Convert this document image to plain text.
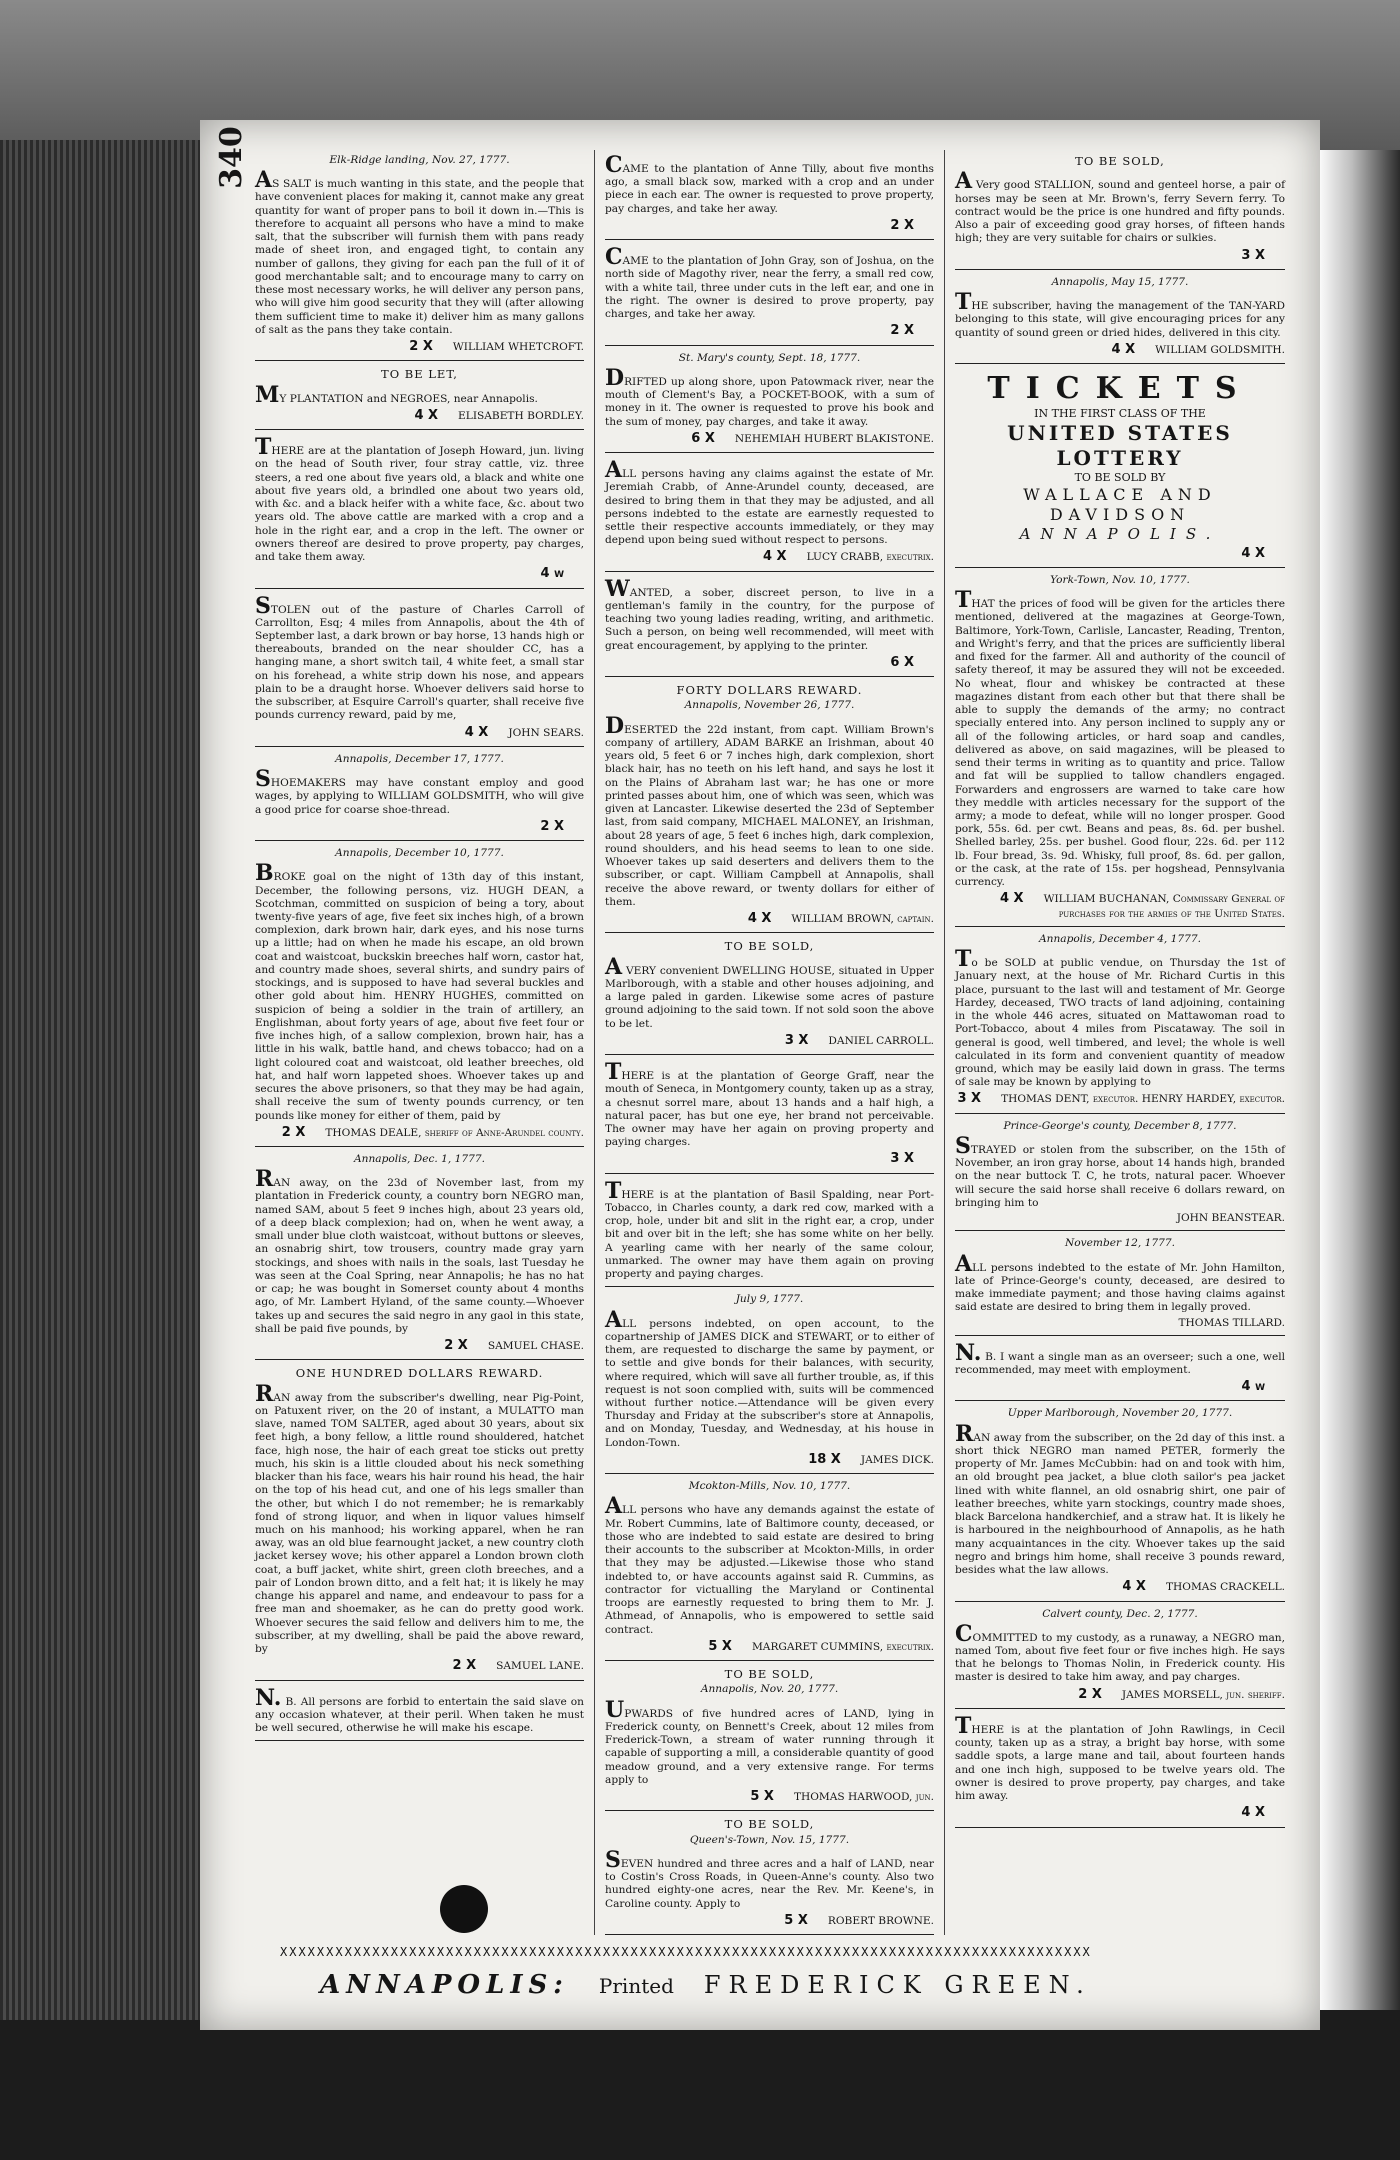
Elk-Ridge landing, Nov. 27, 1777.
AS SALT is much wanting in this state, and the people that have convenient places for making it, cannot make any great quantity for want of proper pans to boil it down in.—This is therefore to acquaint all persons who have a mind to make salt, that the subscriber will furnish them with pans ready made of sheet iron, and engaged tight, to contain any number of gallons, they giving for each pan the full of it of good merchantable salt; and to encourage many to carry on these most necessary works, he will deliver any person pans, who will give him good security that they will (after allowing them sufficient time to make it) deliver him as many gallons of salt as the pans they take contain.
2 X WILLIAM WHETCROFT.
TO BE LET,
MY PLANTATION and NEGROES, near Annapolis.
4 X ELISABETH BORDLEY.
THERE are at the plantation of Joseph Howard, jun. living on the head of South river, four stray cattle, viz. three steers, a red one about five years old, a black and white one about five years old, a brindled one about two years old, with &c. and a black heifer with a white face, &c. about two years old. The above cattle are marked with a crop and a hole in the right ear, and a crop in the left. The owner or owners thereof are desired to prove property, pay charges, and take them away.
4 w
STOLEN out of the pasture of Charles Carroll of Carrollton, Esq; 4 miles from Annapolis, about the 4th of September last, a dark brown or bay horse, 13 hands high or thereabouts, branded on the near shoulder CC, has a hanging mane, a short switch tail, 4 white feet, a small star on his forehead, a white strip down his nose, and appears plain to be a draught horse. Whoever delivers said horse to the subscriber, at Esquire Carroll's quarter, shall receive five pounds currency reward, paid by me,
4 X JOHN SEARS.
Annapolis, December 17, 1777.
SHOEMAKERS may have constant employ and good wages, by applying to WILLIAM GOLDSMITH, who will give a good price for coarse shoe-thread.
2 X
Annapolis, December 10, 1777.
BROKE goal on the night of 13th day of this instant, December, the following persons, viz. HUGH DEAN, a Scotchman, committed on suspicion of being a tory, about twenty-five years of age, five feet six inches high, of a brown complexion, dark brown hair, dark eyes, and his nose turns up a little; had on when he made his escape, an old brown coat and waistcoat, buckskin breeches half worn, castor hat, and country made shoes, several shirts, and sundry pairs of stockings, and is supposed to have had several buckles and other gold about him. HENRY HUGHES, committed on suspicion of being a soldier in the train of artillery, an Englishman, about forty years of age, about five feet four or five inches high, of a sallow complexion, brown hair, has a little in his walk, battle hand, and chews tobacco; had on a light coloured coat and waistcoat, old leather breeches, old hat, and half worn lappeted shoes. Whoever takes up and secures the above prisoners, so that they may be had again, shall receive the sum of twenty pounds currency, or ten pounds like money for either of them, paid by
2 X THOMAS DEALE, sheriff of Anne-Arundel county.
Annapolis, Dec. 1, 1777.
RAN away, on the 23d of November last, from my plantation in Frederick county, a country born NEGRO man, named SAM, about 5 feet 9 inches high, about 23 years old, of a deep black complexion; had on, when he went away, a small under blue cloth waistcoat, without buttons or sleeves, an osnabrig shirt, tow trousers, country made gray yarn stockings, and shoes with nails in the soals, last Tuesday he was seen at the Coal Spring, near Annapolis; he has no hat or cap; he was bought in Somerset county about 4 months ago, of Mr. Lambert Hyland, of the same county.—Whoever takes up and secures the said negro in any gaol in this state, shall be paid five pounds, by
2 X SAMUEL CHASE.
ONE HUNDRED DOLLARS REWARD.
RAN away from the subscriber's dwelling, near Pig-Point, on Patuxent river, on the 20 of instant, a MULATTO man slave, named TOM SALTER, aged about 30 years, about six feet high, a bony fellow, a little round shouldered, hatchet face, high nose, the hair of each great toe sticks out pretty much, his skin is a little clouded about his neck something blacker than his face, wears his hair round his head, the hair on the top of his head cut, and one of his legs smaller than the other, but which I do not remember; he is remarkably fond of strong liquor, and when in liquor values himself much on his manhood; his working apparel, when he ran away, was an old blue fearnought jacket, a new country cloth jacket kersey wove; his other apparel a London brown cloth coat, a buff jacket, white shirt, green cloth breeches, and a pair of London brown ditto, and a felt hat; it is likely he may change his apparel and name, and endeavour to pass for a free man and shoemaker, as he can do pretty good work. Whoever secures the said fellow and delivers him to me, the subscriber, at my dwelling, shall be paid the above reward, by
2 X SAMUEL LANE.
N. B. All persons are forbid to entertain the said slave on any occasion whatever, at their peril. When taken he must be well secured, otherwise he will make his escape.
CAME to the plantation of Anne Tilly, about five months ago, a small black sow, marked with a crop and an under piece in each ear. The owner is requested to prove property, pay charges, and take her away.
2 X
CAME to the plantation of John Gray, son of Joshua, on the north side of Magothy river, near the ferry, a small red cow, with a white tail, three under cuts in the left ear, and one in the right. The owner is desired to prove property, pay charges, and take her away.
2 X
St. Mary's county, Sept. 18, 1777.
DRIFTED up along shore, upon Patowmack river, near the mouth of Clement's Bay, a POCKET-BOOK, with a sum of money in it. The owner is requested to prove his book and the sum of money, pay charges, and take it away.
6 X NEHEMIAH HUBERT BLAKISTONE.
ALL persons having any claims against the estate of Mr. Jeremiah Crabb, of Anne-Arundel county, deceased, are desired to bring them in that they may be adjusted, and all persons indebted to the estate are earnestly requested to settle their respective accounts immediately, or they may depend upon being sued without respect to persons.
4 X LUCY CRABB, executrix.
WANTED, a sober, discreet person, to live in a gentleman's family in the country, for the purpose of teaching two young ladies reading, writing, and arithmetic. Such a person, on being well recommended, will meet with great encouragement, by applying to the printer.
6 X
FORTY DOLLARS REWARD.
Annapolis, November 26, 1777.
DESERTED the 22d instant, from capt. William Brown's company of artillery, ADAM BARKE an Irishman, about 40 years old, 5 feet 6 or 7 inches high, dark complexion, short black hair, has no teeth on his left hand, and says he lost it on the Plains of Abraham last war; he has one or more printed passes about him, one of which was seen, which was given at Lancaster. Likewise deserted the 23d of September last, from said company, MICHAEL MALONEY, an Irishman, about 28 years of age, 5 feet 6 inches high, dark complexion, round shoulders, and his head seems to lean to one side. Whoever takes up said deserters and delivers them to the subscriber, or capt. William Campbell at Annapolis, shall receive the above reward, or twenty dollars for either of them.
4 X WILLIAM BROWN, captain.
TO BE SOLD,
A VERY convenient DWELLING HOUSE, situated in Upper Marlborough, with a stable and other houses adjoining, and a large paled in garden. Likewise some acres of pasture ground adjoining to the said town. If not sold soon the above to be let.
3 X DANIEL CARROLL.
THERE is at the plantation of George Graff, near the mouth of Seneca, in Montgomery county, taken up as a stray, a chesnut sorrel mare, about 13 hands and a half high, a natural pacer, has but one eye, her brand not perceivable. The owner may have her again on proving property and paying charges.
3 X
THERE is at the plantation of Basil Spalding, near Port-Tobacco, in Charles county, a dark red cow, marked with a crop, hole, under bit and slit in the right ear, a crop, under bit and over bit in the left; she has some white on her belly. A yearling came with her nearly of the same colour, unmarked. The owner may have them again on proving property and paying charges.
July 9, 1777.
ALL persons indebted, on open account, to the copartnership of JAMES DICK and STEWART, or to either of them, are requested to discharge the same by payment, or to settle and give bonds for their balances, with security, where required, which will save all further trouble, as, if this request is not soon complied with, suits will be commenced without further notice.—Attendance will be given every Thursday and Friday at the subscriber's store at Annapolis, and on Monday, Tuesday, and Wednesday, at his house in London-Town.
18 X JAMES DICK.
Mcokton-Mills, Nov. 10, 1777.
ALL persons who have any demands against the estate of Mr. Robert Cummins, late of Baltimore county, deceased, or those who are indebted to said estate are desired to bring their accounts to the subscriber at Mcokton-Mills, in order that they may be adjusted.—Likewise those who stand indebted to, or have accounts against said R. Cummins, as contractor for victualling the Maryland or Continental troops are earnestly requested to bring them to Mr. J. Athmead, of Annapolis, who is empowered to settle said contract.
5 X MARGARET CUMMINS, executrix.
TO BE SOLD,
Annapolis, Nov. 20, 1777.
UPWARDS of five hundred acres of LAND, lying in Frederick county, on Bennett's Creek, about 12 miles from Frederick-Town, a stream of water running through it capable of supporting a mill, a considerable quantity of good meadow ground, and a very extensive range. For terms apply to
5 X THOMAS HARWOOD, jun.
TO BE SOLD,
Queen's-Town, Nov. 15, 1777.
SEVEN hundred and three acres and a half of LAND, near to Costin's Cross Roads, in Queen-Anne's county. Also two hundred eighty-one acres, near the Rev. Mr. Keene's, in Caroline county. Apply to
5 X ROBERT BROWNE.
TO BE SOLD,
A Very good STALLION, sound and genteel horse, a pair of horses may be seen at Mr. Brown's, ferry Severn ferry. To contract would be the price is one hundred and fifty pounds. Also a pair of exceeding good gray horses, of fifteen hands high; they are very suitable for chairs or sulkies.
3 X
Annapolis, May 15, 1777.
THE subscriber, having the management of the TAN-YARD belonging to this state, will give encouraging prices for any quantity of sound green or dried hides, delivered in this city.
4 X WILLIAM GOLDSMITH.
TICKETS
IN THE FIRST CLASS OF THE
UNITED STATES LOTTERY
TO BE SOLD BY
WALLACE AND DAVIDSON
ANNAPOLIS.
4 X
York-Town, Nov. 10, 1777.
THAT the prices of food will be given for the articles there mentioned, delivered at the magazines at George-Town, Baltimore, York-Town, Carlisle, Lancaster, Reading, Trenton, and Wright's ferry, and that the prices are sufficiently liberal and fixed for the farmer. All and authority of the council of safety thereof, it may be assured they will not be exceeded. No wheat, flour and whiskey be contracted at these magazines distant from each other but that there shall be able to supply the demands of the army; no contract specially entered into. Any person inclined to supply any or all of the following articles, or hard soap and candles, delivered as above, on said magazines, will be pleased to send their terms in writing as to quantity and price. Tallow and fat will be supplied to tallow chandlers engaged. Forwarders and engrossers are warned to take care how they meddle with articles necessary for the support of the army; a mode to defeat, while will no longer prosper. Good pork, 55s. 6d. per cwt. Beans and peas, 8s. 6d. per bushel. Shelled barley, 25s. per bushel. Good flour, 22s. 6d. per 112 lb. Four bread, 3s. 9d. Whisky, full proof, 8s. 6d. per gallon, or the cask, at the rate of 15s. per hogshead, Pennsylvania currency.
4 X WILLIAM BUCHANAN, Commissary General of purchases for the armies of the United States.
Annapolis, December 4, 1777.
To be SOLD at public vendue, on Thursday the 1st of January next, at the house of Mr. Richard Curtis in this place, pursuant to the last will and testament of Mr. George Hardey, deceased, TWO tracts of land adjoining, containing in the whole 446 acres, situated on Mattawoman road to Port-Tobacco, about 4 miles from Piscataway. The soil in general is good, well timbered, and level; the whole is well calculated in its form and convenient quantity of meadow ground, which may be easily laid down in grass. The terms of sale may be known by applying to
3 X THOMAS DENT, executor. HENRY HARDEY, executor.
Prince-George's county, December 8, 1777.
STRAYED or stolen from the subscriber, on the 15th of November, an iron gray horse, about 14 hands high, branded on the near buttock T. C, he trots, natural pacer. Whoever will secure the said horse shall receive 6 dollars reward, on bringing him to
JOHN BEANSTEAR.
November 12, 1777.
ALL persons indebted to the estate of Mr. John Hamilton, late of Prince-George's county, deceased, are desired to make immediate payment; and those having claims against said estate are desired to bring them in legally proved.
THOMAS TILLARD.
N. B. I want a single man as an overseer; such a one, well recommended, may meet with employment.
4 w
Upper Marlborough, November 20, 1777.
RAN away from the subscriber, on the 2d day of this inst. a short thick NEGRO man named PETER, formerly the property of Mr. James McCubbin: had on and took with him, an old brought pea jacket, a blue cloth sailor's pea jacket lined with white flannel, an old osnabrig shirt, one pair of leather breeches, white yarn stockings, country made shoes, black Barcelona handkerchief, and a straw hat. It is likely he is harboured in the neighbourhood of Annapolis, as he hath many acquaintances in the city. Whoever takes up the said negro and brings him home, shall receive 3 pounds reward, besides what the law allows.
4 X THOMAS CRACKELL.
Calvert county, Dec. 2, 1777.
COMMITTED to my custody, as a runaway, a NEGRO man, named Tom, about five feet four or five inches high. He says that he belongs to Thomas Nolin, in Frederick county. His master is desired to take him away, and pay charges.
2 X JAMES MORSELL, jun. sheriff.
THERE is at the plantation of John Rawlings, in Cecil county, taken up as a stray, a bright bay horse, with some saddle spots, a large mane and tail, about fourteen hands and one inch high, supposed to be twelve years old. The owner is desired to prove property, pay charges, and take him away.
4 X
XXXXXXXXXXXXXXXXXXXXXXXXXXXXXXXXXXXXXXXXXXXXXXXXXXXXXXXXXXXXXXXXXXXXXXXXXXXXXXXXXXXXXXXX
ANNAPOLIS: Printed FREDERICK GREEN.
340
